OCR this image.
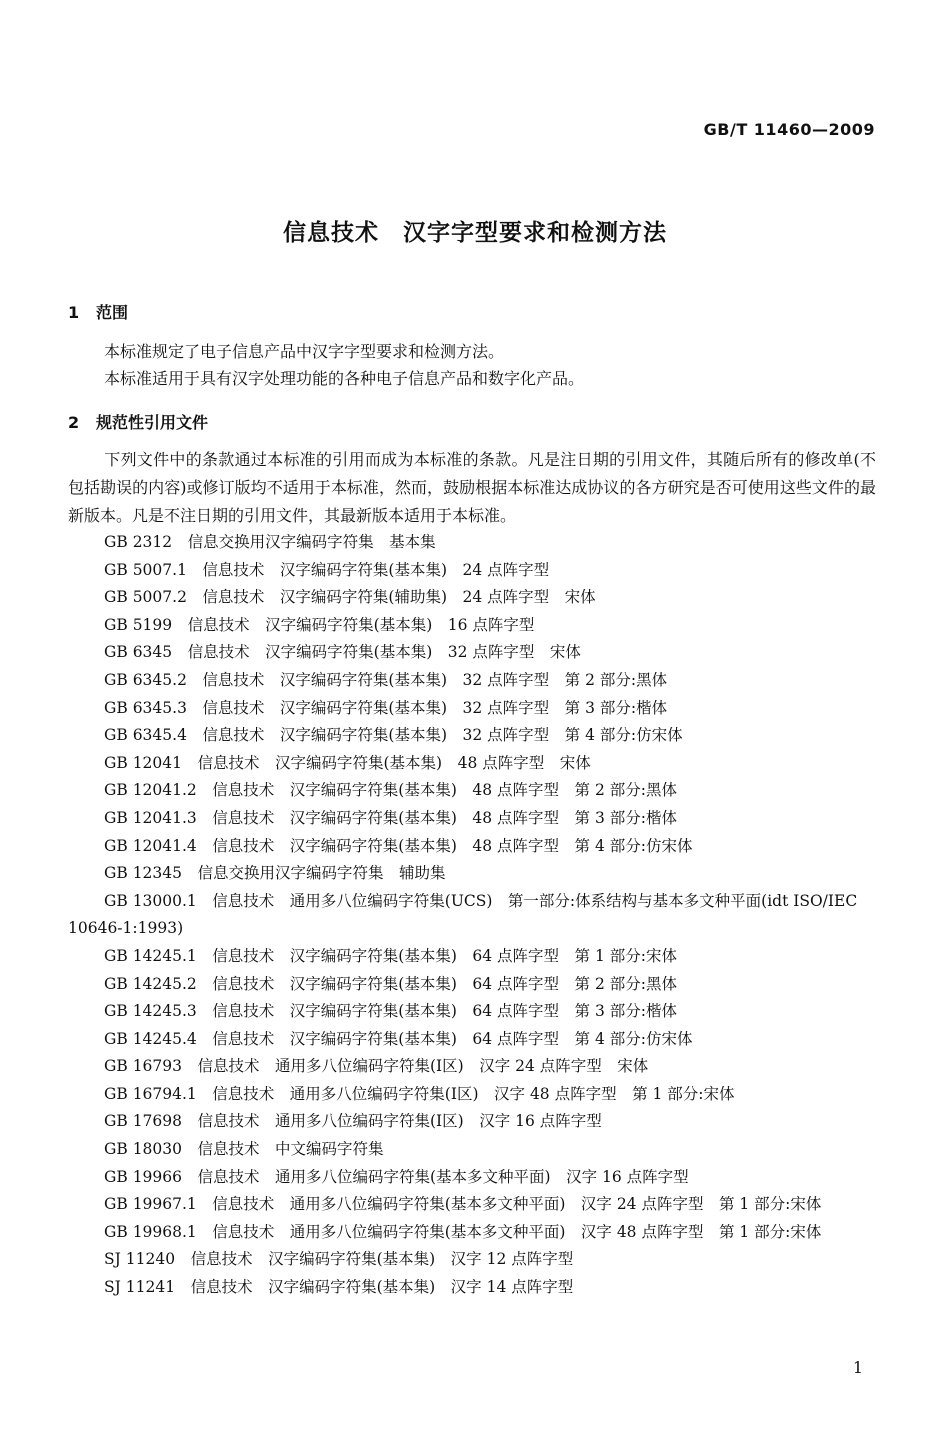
GB/T 11460—2009
信息技术　汉字字型要求和检测方法
1 范围
本标准规定了电子信息产品中汉字字型要求和检测方法。
本标准适用于具有汉字处理功能的各种电子信息产品和数字化产品。
2 规范性引用文件
下列文件中的条款通过本标准的引用而成为本标准的条款。凡是注日期的引用文件，其随后所有的修改单(不包括勘误的内容)或修订版均不适用于本标准，然而，鼓励根据本标准达成协议的各方研究是否可使用这些文件的最新版本。凡是不注日期的引用文件，其最新版本适用于本标准。
GB 2312　信息交换用汉字编码字符集　基本集
GB 5007.1　信息技术　汉字编码字符集(基本集)　24 点阵字型
GB 5007.2　信息技术　汉字编码字符集(辅助集)　24 点阵字型　宋体
GB 5199　信息技术　汉字编码字符集(基本集)　16 点阵字型
GB 6345　信息技术　汉字编码字符集(基本集)　32 点阵字型　宋体
GB 6345.2　信息技术　汉字编码字符集(基本集)　32 点阵字型　第 2 部分:黑体
GB 6345.3　信息技术　汉字编码字符集(基本集)　32 点阵字型　第 3 部分:楷体
GB 6345.4　信息技术　汉字编码字符集(基本集)　32 点阵字型　第 4 部分:仿宋体
GB 12041　信息技术　汉字编码字符集(基本集)　48 点阵字型　宋体
GB 12041.2　信息技术　汉字编码字符集(基本集)　48 点阵字型　第 2 部分:黑体
GB 12041.3　信息技术　汉字编码字符集(基本集)　48 点阵字型　第 3 部分:楷体
GB 12041.4　信息技术　汉字编码字符集(基本集)　48 点阵字型　第 4 部分:仿宋体
GB 12345　信息交换用汉字编码字符集　辅助集
GB 13000.1　信息技术　通用多八位编码字符集(UCS)　第一部分:体系结构与基本多文种平面(idt ISO/IEC 10646-1:1993)
GB 14245.1　信息技术　汉字编码字符集(基本集)　64 点阵字型　第 1 部分:宋体
GB 14245.2　信息技术　汉字编码字符集(基本集)　64 点阵字型　第 2 部分:黑体
GB 14245.3　信息技术　汉字编码字符集(基本集)　64 点阵字型　第 3 部分:楷体
GB 14245.4　信息技术　汉字编码字符集(基本集)　64 点阵字型　第 4 部分:仿宋体
GB 16793　信息技术　通用多八位编码字符集(Ⅰ区)　汉字 24 点阵字型　宋体
GB 16794.1　信息技术　通用多八位编码字符集(Ⅰ区)　汉字 48 点阵字型　第 1 部分:宋体
GB 17698　信息技术　通用多八位编码字符集(Ⅰ区)　汉字 16 点阵字型
GB 18030　信息技术　中文编码字符集
GB 19966　信息技术　通用多八位编码字符集(基本多文种平面)　汉字 16 点阵字型
GB 19967.1　信息技术　通用多八位编码字符集(基本多文种平面)　汉字 24 点阵字型　第 1 部分:宋体
GB 19968.1　信息技术　通用多八位编码字符集(基本多文种平面)　汉字 48 点阵字型　第 1 部分:宋体
SJ 11240　信息技术　汉字编码字符集(基本集)　汉字 12 点阵字型
SJ 11241　信息技术　汉字编码字符集(基本集)　汉字 14 点阵字型
1
